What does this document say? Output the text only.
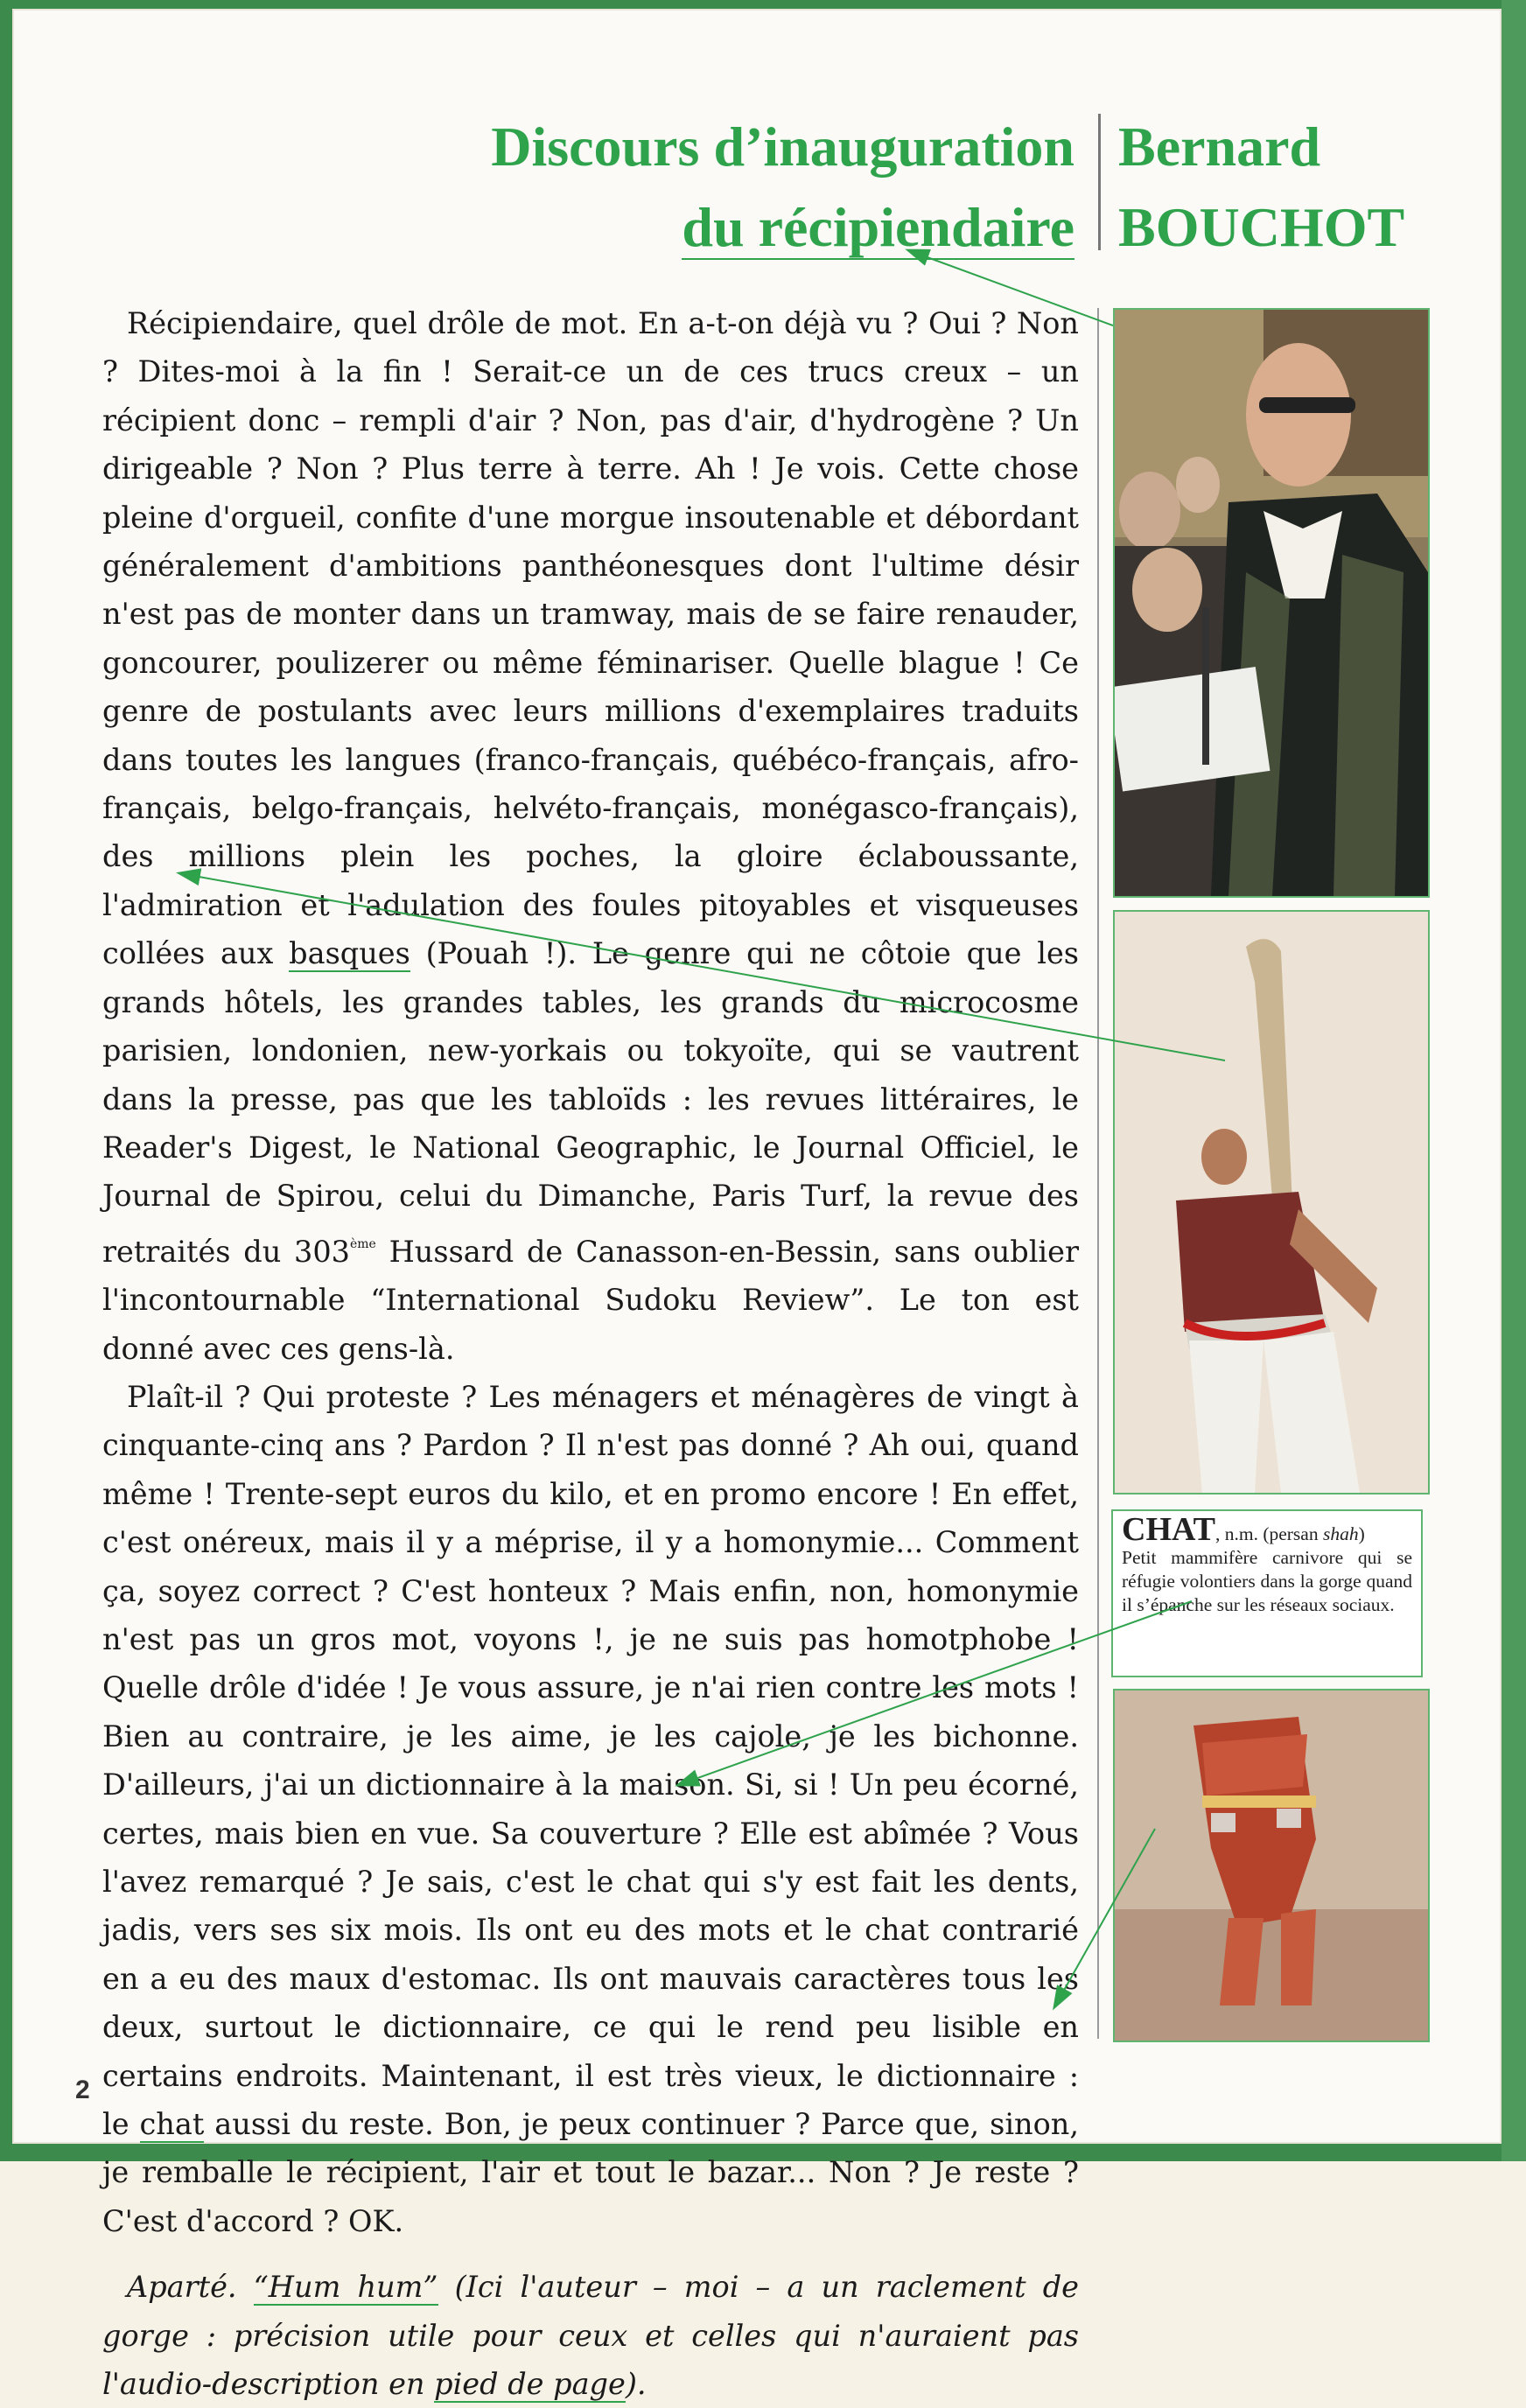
Discours d’inauguration
du récipiendaire
Bernard
BOUCHOT

Récipiendaire, quel drôle de mot. En a-t-on déjà vu ? Oui ? Non ? Dites-moi à la fin ! Serait-ce un de ces trucs creux – un récipient donc – rempli d'air ? Non, pas d'air, d'hydrogène ? Un dirigeable ? Non ? Plus terre à terre. Ah ! Je vois. Cette chose pleine d'orgueil, confite d'une morgue insoutenable et débordant généralement d'ambitions panthéonesques dont l'ultime désir n'est pas de monter dans un tramway, mais de se faire renauder, goncourer, poulizerer ou même féminariser. Quelle blague ! Ce genre de postulants avec leurs millions d'exemplaires traduits dans toutes les langues (franco-français, québéco-français, afro-français, belgo-français, helvéto-français, monégasco-français), des millions plein les poches, la gloire éclaboussante, l'admiration et l'adulation des foules pitoyables et visqueuses collées aux basques (Pouah !). Le genre qui ne côtoie que les grands hôtels, les grandes tables, les grands du microcosme parisien, londonien, new-yorkais ou tokyoïte, qui se vautrent dans la presse, pas que les tabloïds : les revues littéraires, le Reader's Digest, le National Geographic, le Journal Officiel, le Journal de Spirou, celui du Dimanche, Paris Turf, la revue des retraités du 303ème Hussard de Canasson-en-Bessin, sans oublier l'incontournable “International Sudoku Review”. Le ton est donné avec ces gens-là.

Plaît-il ? Qui proteste ? Les ménagers et ménagères de vingt à cinquante-cinq ans ? Pardon ? Il n'est pas donné ? Ah oui, quand même ! Trente-sept euros du kilo, et en promo encore ! En effet, c'est onéreux, mais il y a méprise, il y a homonymie... Comment ça, soyez correct ? C'est honteux ? Mais enfin, non, homonymie n'est pas un gros mot, voyons !, je ne suis pas homotphobe ! Quelle drôle d'idée ! Je vous assure, je n'ai rien contre les mots ! Bien au contraire, je les aime, je les cajole, je les bichonne. D'ailleurs, j'ai un dictionnaire à la maison. Si, si ! Un peu écorné, certes, mais bien en vue. Sa couverture ? Elle est abîmée ? Vous l'avez remarqué ? Je sais, c'est le chat qui s'y est fait les dents, jadis, vers ses six mois. Ils ont eu des mots et le chat contrarié en a eu des maux d'estomac. Ils ont mauvais caractères tous les deux, surtout le dictionnaire, ce qui le rend peu lisible en certains endroits. Maintenant, il est très vieux, le dictionnaire : le chat aussi du reste. Bon, je peux continuer ? Parce que, sinon, je remballe le récipient, l'air et tout le bazar... Non ? Je reste ? C'est d'accord ? OK.

Aparté. “Hum hum” (Ici l'auteur – moi – a un raclement de gorge : précision utile pour ceux et celles qui n'auraient pas l'audio-description en pied de page).

CHAT, n.m. (persan shah)
Petit mammifère carnivore qui se réfugie volontiers dans la gorge quand il s’épanche sur les réseaux sociaux.
2
